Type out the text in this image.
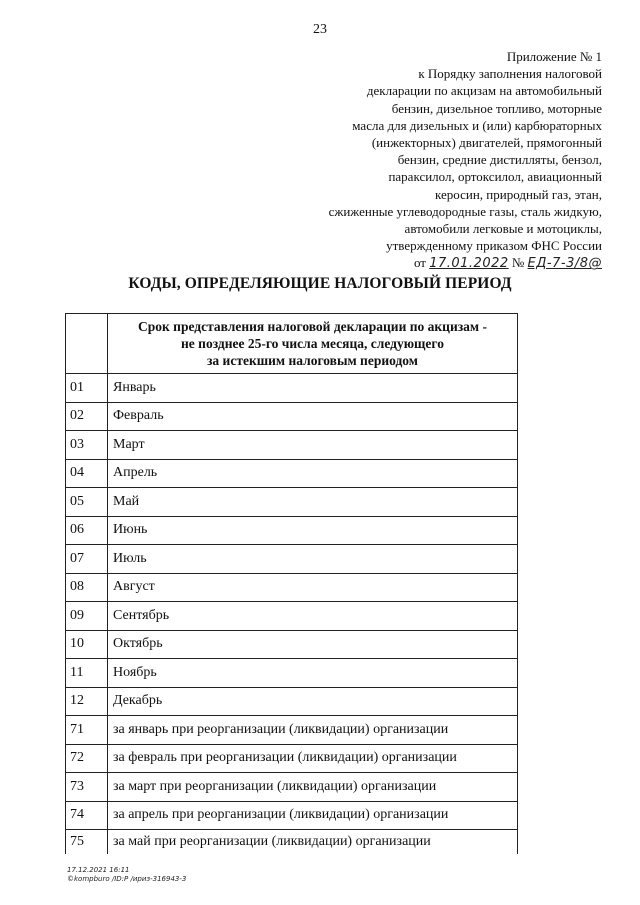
23
Приложение № 1
к Порядку заполнения налоговой
декларации по акцизам на автомобильный
бензин, дизельное топливо, моторные
масла для дизельных и (или) карбюраторных
(инжекторных) двигателей, прямогонный
бензин, средние дистилляты, бензол,
параксилол, ортоксилол, авиационный
керосин, природный газ, этан,
сжиженные углеводородные газы, сталь жидкую,
автомобили легковые и мотоциклы,
утвержденному приказом ФНС России
от 17.01.2022 № ЕД-7-3/8@
КОДЫ, ОПРЕДЕЛЯЮЩИЕ НАЛОГОВЫЙ ПЕРИОД
	Срок представления налоговой декларации по акцизам -
не позднее 25-го числа месяца, следующего
за истекшим налоговым периодом
01	Январь
02	Февраль
03	Март
04	Апрель
05	Май
06	Июнь
07	Июль
08	Август
09	Сентябрь
10	Октябрь
11	Ноябрь
12	Декабрь
71	за январь при реорганизации (ликвидации) организации
72	за февраль при реорганизации (ликвидации) организации
73	за март при реорганизации (ликвидации) организации
74	за апрель при реорганизации (ликвидации) организации
75	за май при реорганизации (ликвидации) организации
17.12.2021 16:11
©kompburo /ID:P /ириз-316943-3
